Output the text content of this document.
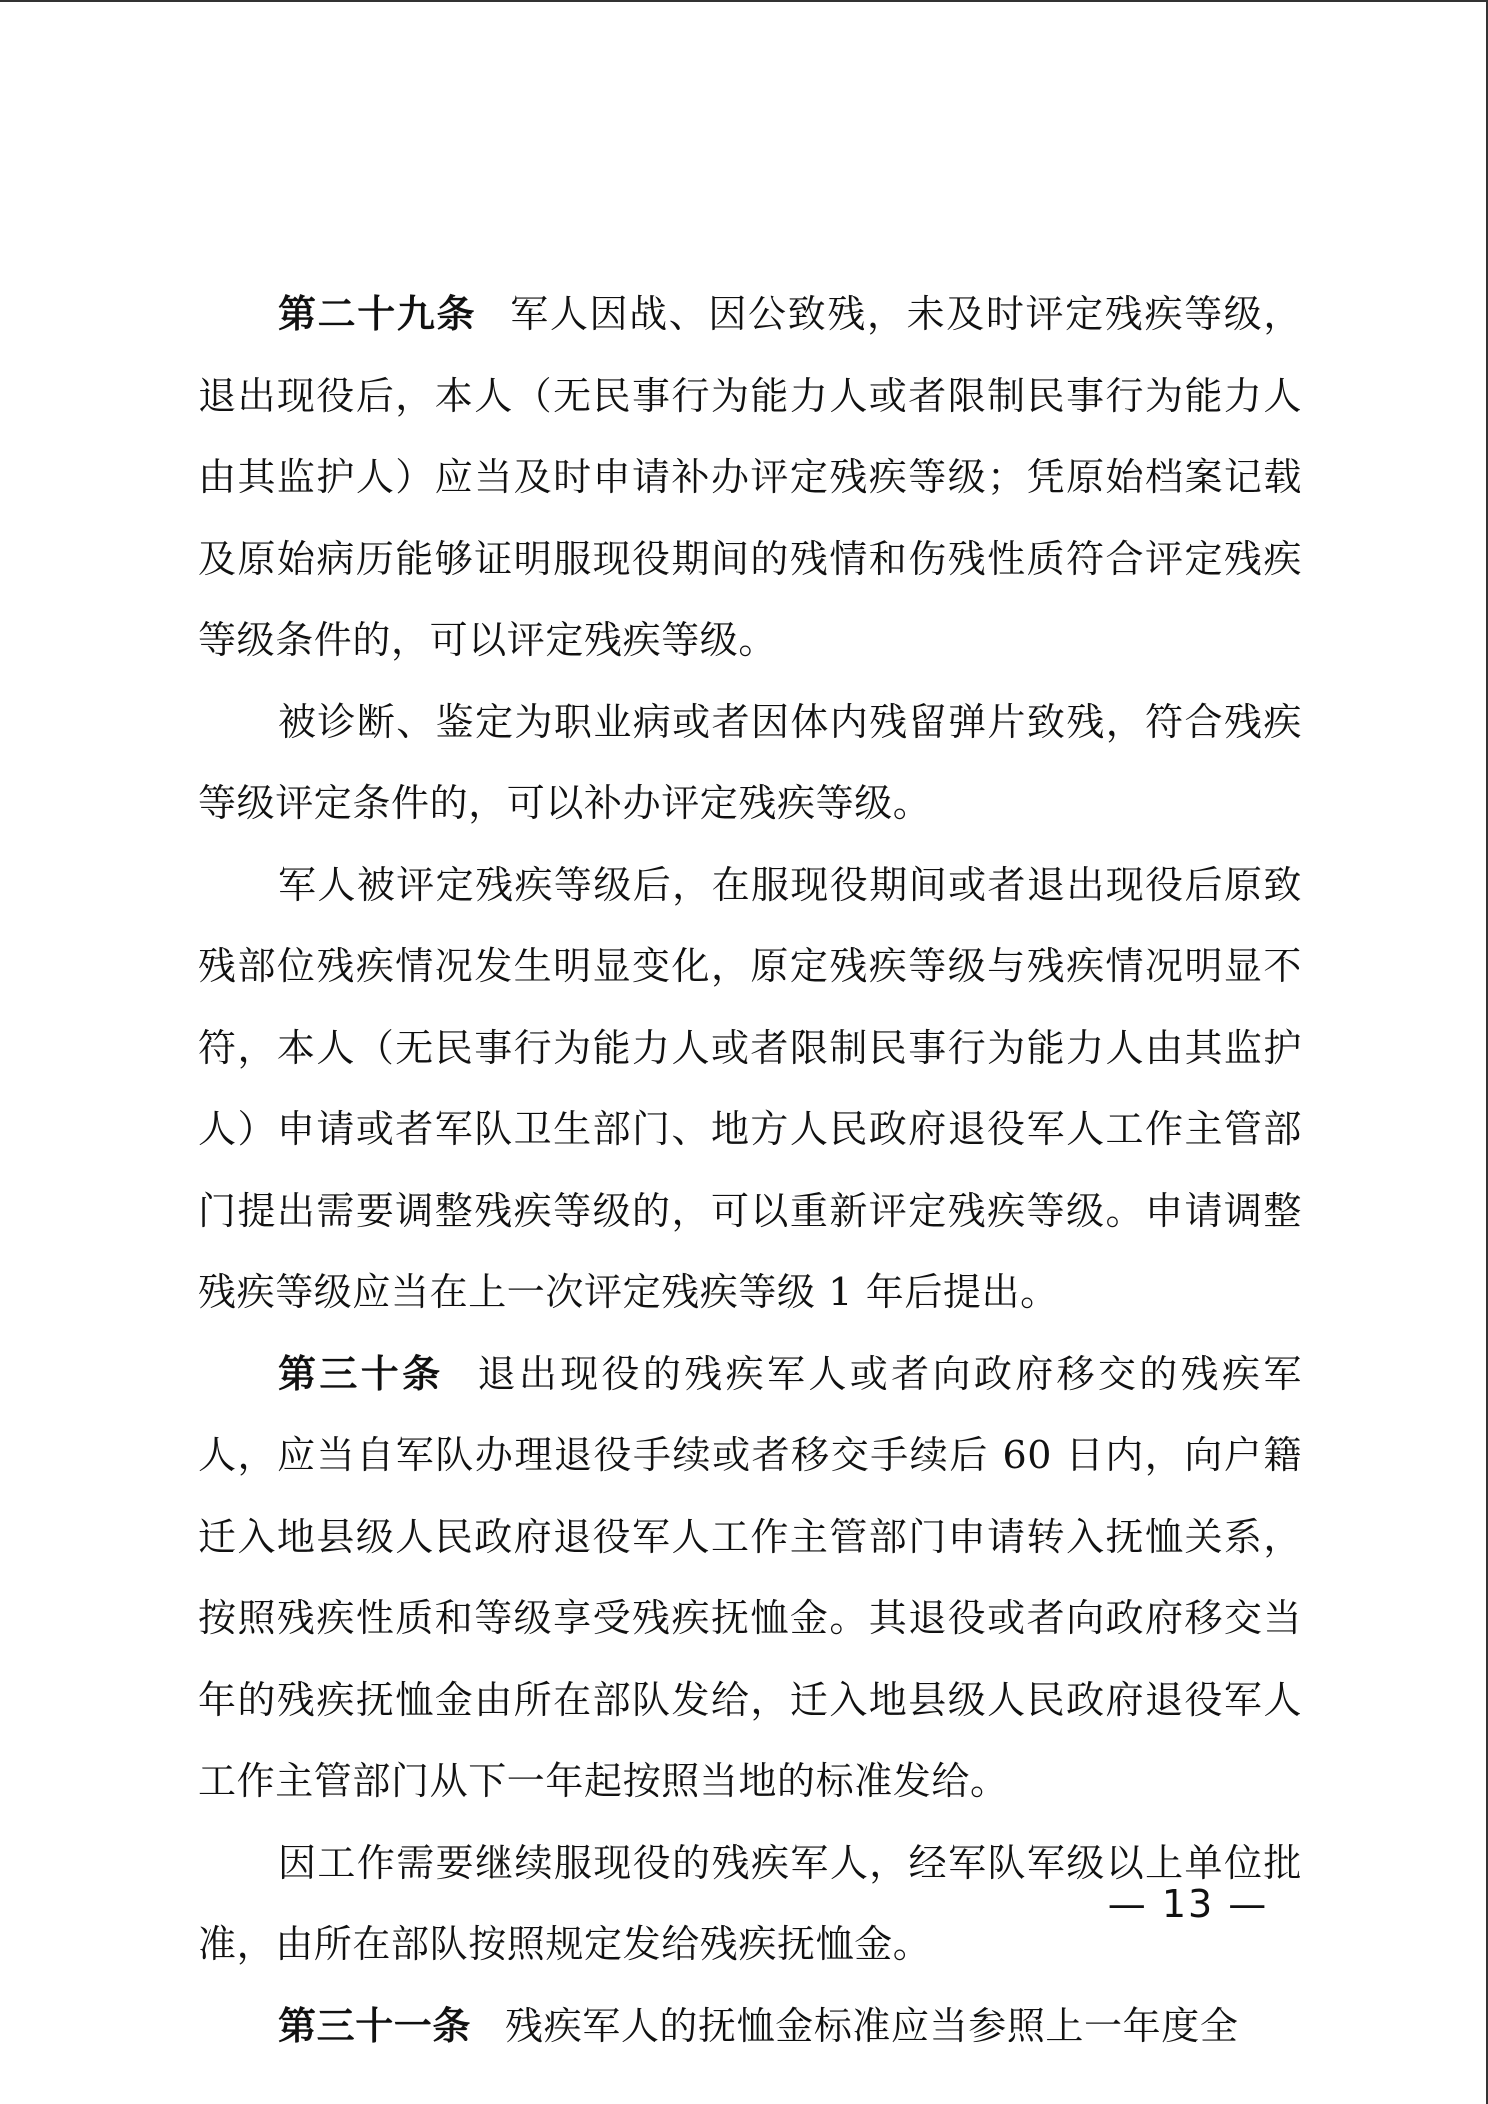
第二十九条 军人因战、因公致残，未及时评定残疾等级，退出现役后，本人（无民事行为能力人或者限制民事行为能力人由其监护人）应当及时申请补办评定残疾等级；凭原始档案记载及原始病历能够证明服现役期间的残情和伤残性质符合评定残疾等级条件的，可以评定残疾等级。

被诊断、鉴定为职业病或者因体内残留弹片致残，符合残疾等级评定条件的，可以补办评定残疾等级。

军人被评定残疾等级后，在服现役期间或者退出现役后原致残部位残疾情况发生明显变化，原定残疾等级与残疾情况明显不符，本人（无民事行为能力人或者限制民事行为能力人由其监护人）申请或者军队卫生部门、地方人民政府退役军人工作主管部门提出需要调整残疾等级的，可以重新评定残疾等级。申请调整残疾等级应当在上一次评定残疾等级 1 年后提出。

第三十条 退出现役的残疾军人或者向政府移交的残疾军人，应当自军队办理退役手续或者移交手续后 60 日内，向户籍迁入地县级人民政府退役军人工作主管部门申请转入抚恤关系，按照残疾性质和等级享受残疾抚恤金。其退役或者向政府移交当年的残疾抚恤金由所在部队发给，迁入地县级人民政府退役军人工作主管部门从下一年起按照当地的标准发给。

因工作需要继续服现役的残疾军人，经军队军级以上单位批准，由所在部队按照规定发给残疾抚恤金。

第三十一条 残疾军人的抚恤金标准应当参照上一年度全

— 13 —
